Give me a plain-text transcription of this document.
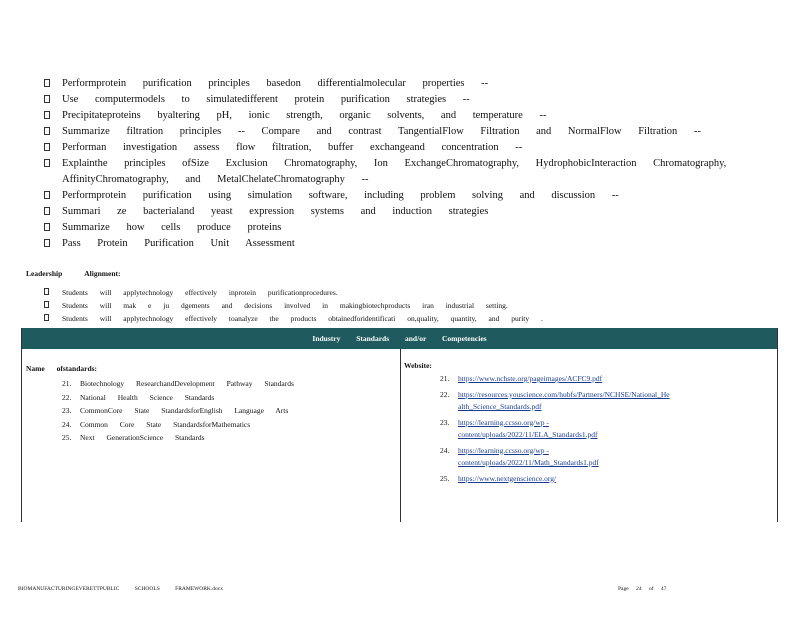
Performprotein purification principles basedon differentialmolecular properties --
Use computermodels to simulatedifferent protein purification strategies --
Precipitateproteins byaltering pH, ionic strength, organic solvents, and temperature --
Summarize filtration principles -- Compare and contrast TangentialFlow Filtration and NormalFlow Filtration --
Performan investigation assess flow filtration, buffer exchangeand concentration --
Explainthe principles ofSize Exclusion Chromatography, Ion ExchangeChromatography, HydrophobicInteraction Chromatography, AffinityChromatography, and MetalChelateChromatography --
Performprotein purification using simulation software, including problem solving and discussion --
Summari ze bacterialand yeast expression systems and induction strategies
Summarize how cells produce proteins
Pass Protein Purification Unit Assessment
Leadership	Alignment:
Students will applytechnology effectively inprotein purificationprocedures.
Students will mak e ju dgements and decisions involved in makingbiotechproducts iran industrial setting.
Students will applytechnology effectively toanalyze the products obtainedforidentificati on,quality, quantity, and purity .
Industry Standards and/or Competencies
Name ofstandards:
21. Biotechnology ResearchandDevelopment Pathway Standards
22. National Health Science Standards
23. CommonCore State StandardsforEnglish Language Arts
24. Common Core State StandardsforMathematics
25. Next GenerationScience Standards
Website:
21.	https://www.nchste.org/pageimages/ACFC9.pdf
22.	https://resources.youscience.com/hubfs/Partners/NCHSE/National_He
alth_Science_Standards.pdf
23.	https://learning.ccsso.org/wp -
content/uploads/2022/11/ELA_Standards1.pdf
24.	https://learning.ccsso.org/wp -
content/uploads/2022/11/Math_Standards1.pdf
25.	https://www.nextgenscience.org/
BIOMANUFACTURINGEVERETTPUBLIC SCHOOLS FRAMEWORK.docx	Page 24 of 47
